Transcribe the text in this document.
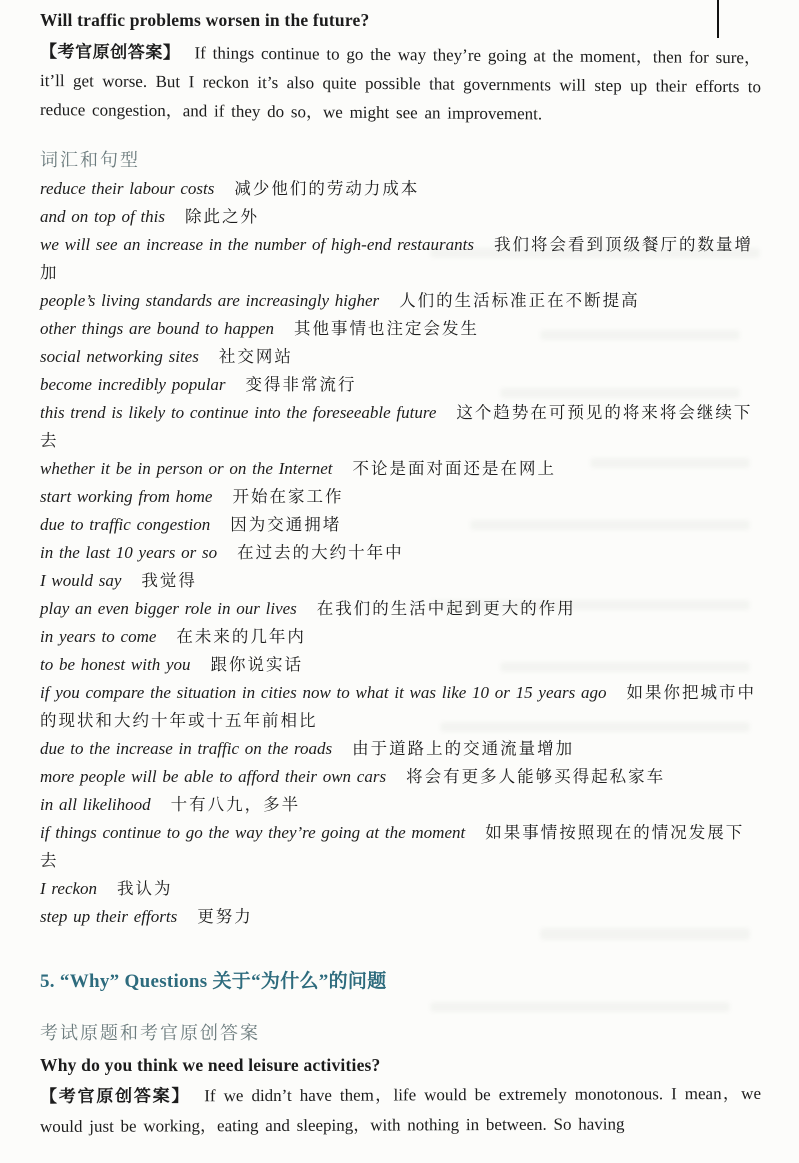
Will traffic problems worsen in the future?

【考官原创答案】 If things continue to go the way they’re going at the moment，then for sure，it’ll get worse. But I reckon it’s also quite possible that governments will step up their efforts to reduce congestion，and if they do so，we might see an improvement.

词汇和句型

reduce their labour costs 减少他们的劳动力成本

and on top of this 除此之外

we will see an increase in the number of high-end restaurants 我们将会看到顶级餐厅的数量增加

people’s living standards are increasingly higher 人们的生活标准正在不断提高

other things are bound to happen 其他事情也注定会发生

social networking sites 社交网站

become incredibly popular 变得非常流行

this trend is likely to continue into the foreseeable future 这个趋势在可预见的将来将会继续下去

whether it be in person or on the Internet 不论是面对面还是在网上

start working from home 开始在家工作

due to traffic congestion 因为交通拥堵

in the last 10 years or so 在过去的大约十年中

I would say 我觉得

play an even bigger role in our lives 在我们的生活中起到更大的作用

in years to come 在未来的几年内

to be honest with you 跟你说实话

if you compare the situation in cities now to what it was like 10 or 15 years ago 如果你把城市中的现状和大约十年或十五年前相比

due to the increase in traffic on the roads 由于道路上的交通流量增加

more people will be able to afford their own cars 将会有更多人能够买得起私家车

in all likelihood 十有八九，多半

if things continue to go the way they’re going at the moment 如果事情按照现在的情况发展下去

I reckon 我认为

step up their efforts 更努力

5. “Why” Questions 关于“为什么”的问题
考试原题和考官原创答案
Why do you think we need leisure activities?

【考官原创答案】 If we didn’t have them，life would be extremely monotonous. I mean，we would just be working，eating and sleeping，with nothing in between. So having
